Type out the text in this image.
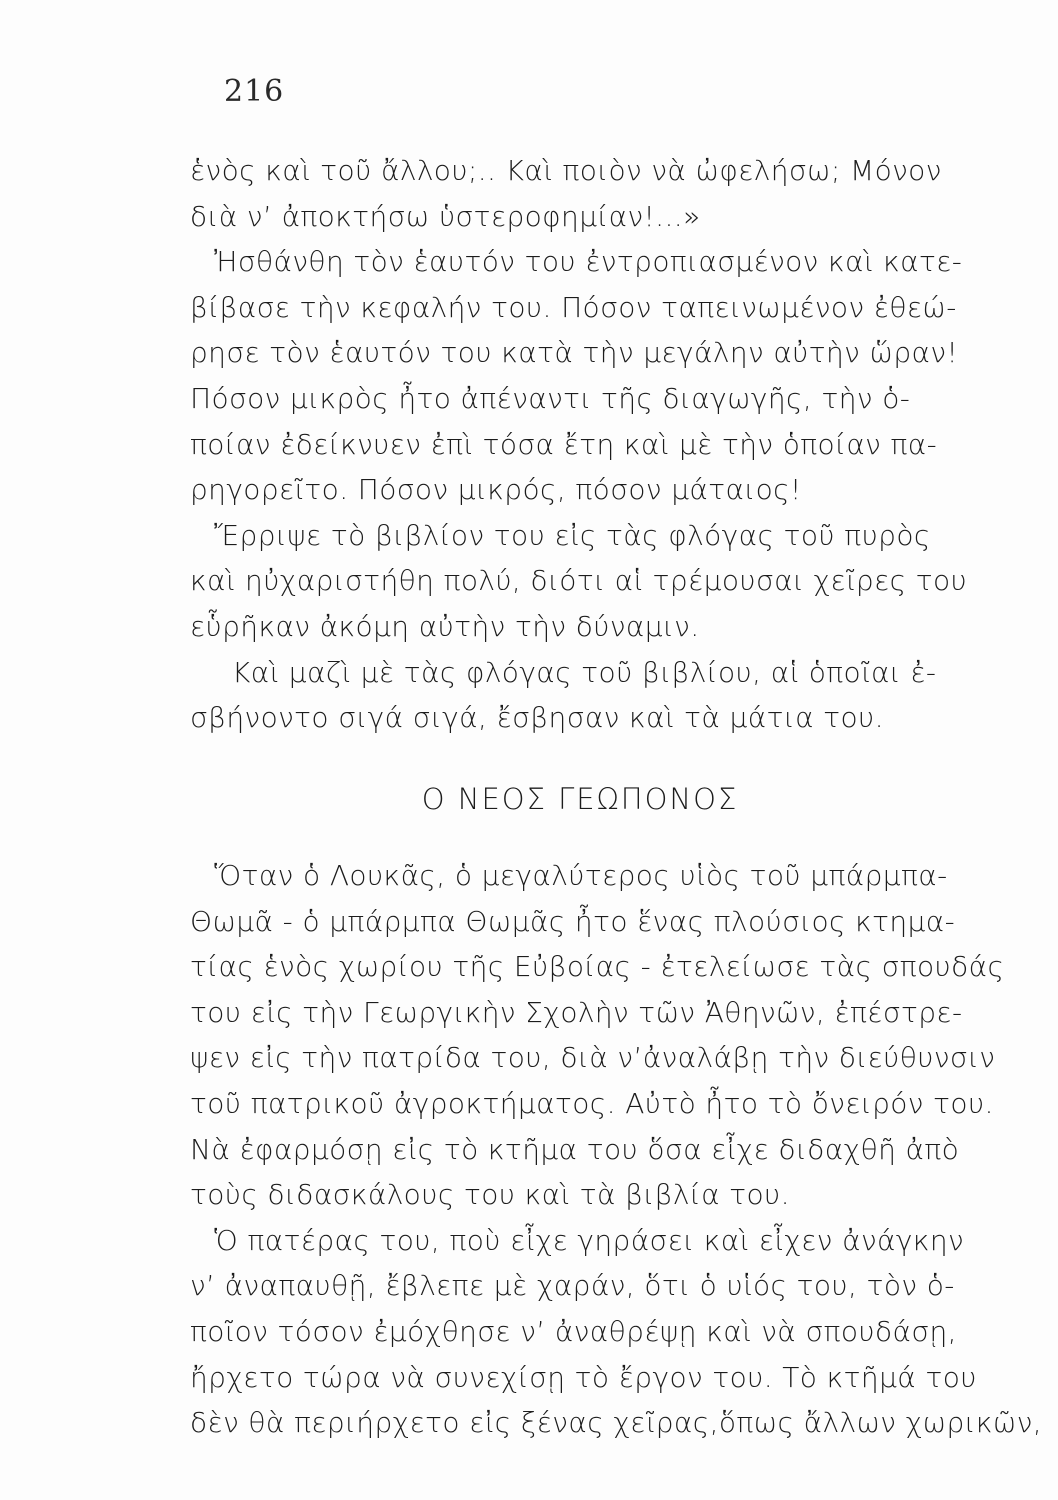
216
ἑνὸς καὶ τοῦ ἄλλου;.. Καὶ ποιὸν νὰ ὠφελήσω; Μόνον
διὰ ν’ ἀποκτήσω ὑστεροφημίαν!...»
Ἠσθάνθη τὸν ἑαυτόν του ἐντροπιασμένον καὶ κατε-
βίβασε τὴν κεφαλήν του. Πόσον ταπεινωμένον ἐθεώ-
ρησε τὸν ἑαυτόν του κατὰ τὴν μεγάλην αὐτὴν ὥραν!
Πόσον μικρὸς ἦτο ἀπέναντι τῆς διαγωγῆς, τὴν ὁ-
ποίαν ἐδείκνυεν ἐπὶ τόσα ἔτη καὶ μὲ τὴν ὁποίαν πα-
ρηγορεῖτο. Πόσον μικρός, πόσον μάταιος!
Ἔρριψε τὸ βιβλίον του εἰς τὰς φλόγας τοῦ πυρὸς
καὶ ηὐχαριστήθη πολύ, διότι αἱ τρέμουσαι χεῖρες του
εὗρῆκαν ἀκόμη αὐτὴν τὴν δύναμιν.
Καὶ μαζὶ μὲ τὰς φλόγας τοῦ βιβλίου, αἱ ὁποῖαι ἐ-
σβήνοντο σιγά σιγά, ἔσβησαν καὶ τὰ μάτια του.
Ο ΝΕΟΣ ΓΕΩΠΟΝΟΣ
Ὅταν ὁ Λουκᾶς, ὁ μεγαλύτερος υἱὸς τοῦ μπάρμπα-
Θωμᾶ - ὁ μπάρμπα Θωμᾶς ἦτο ἕνας πλούσιος κτημα-
τίας ἑνὸς χωρίου τῆς Εὐβοίας - ἐτελείωσε τὰς σπουδάς
του εἰς τὴν Γεωργικὴν Σχολὴν τῶν Ἀθηνῶν, ἐπέστρε-
ψεν εἰς τὴν πατρίδα του, διὰ ν’ἀναλάβῃ τὴν διεύθυνσιν
τοῦ πατρικοῦ ἀγροκτήματος. Αὐτὸ ἦτο τὸ ὄνειρόν του.
Νὰ ἐφαρμόσῃ εἰς τὸ κτῆμα του ὅσα εἶχε διδαχθῆ ἀπὸ
τοὺς διδασκάλους του καὶ τὰ βιβλία του.
Ὁ πατέρας του, ποὺ εἶχε γηράσει καὶ εἶχεν ἀνάγκην
ν’ ἀναπαυθῇ, ἔβλεπε μὲ χαράν, ὅτι ὁ υἱός του, τὸν ὁ-
ποῖον τόσον ἐμόχθησε ν’ ἀναθρέψῃ καὶ νὰ σπουδάσῃ,
ἤρχετο τώρα νὰ συνεχίσῃ τὸ ἔργον του. Τὸ κτῆμά του
δὲν θὰ περιήρχετο εἰς ξένας χεῖρας,ὅπως ἄλλων χωρικῶν,
